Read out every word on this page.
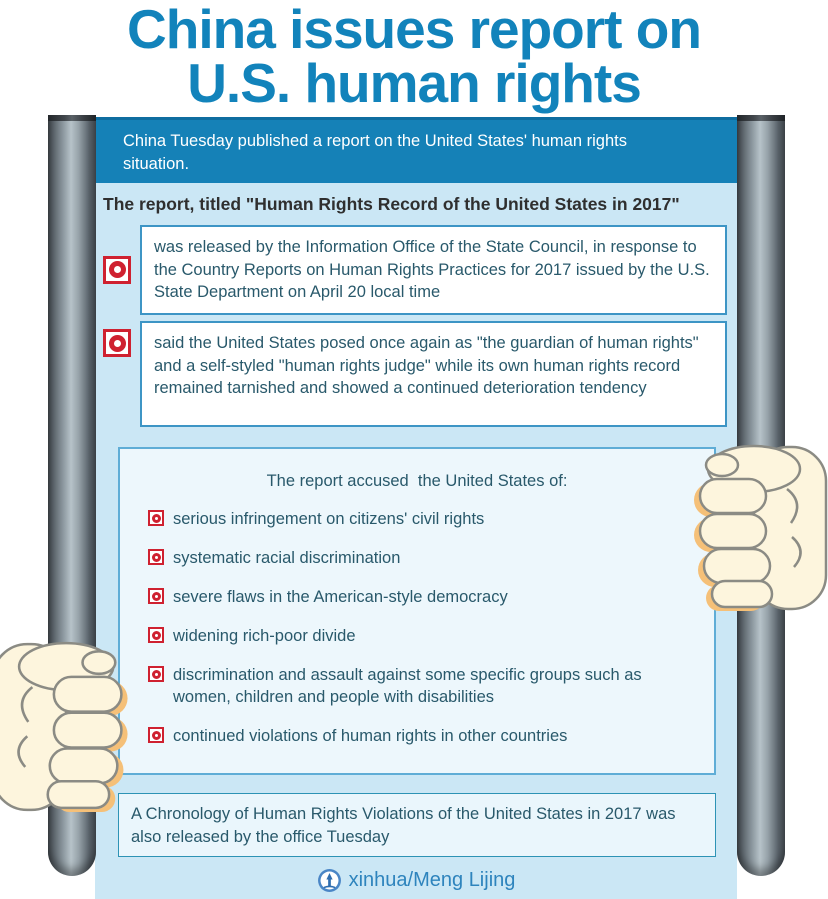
China issues report on
U.S. human rights
China Tuesday published a report on the United States' human rights situation.
The report, titled "Human Rights Record of the United States in 2017"
was released by the Information Office of the State Council, in response to the Country Reports on Human Rights Practices for 2017 issued by the U.S. State Department on April 20 local time
said the United States posed once again as "the guardian of human rights" and a self-styled "human rights judge" while its own human rights record remained tarnished and showed a continued deterioration tendency
The report accused  the United States of:
serious infringement on citizens' civil rights
systematic racial discrimination
severe flaws in the American-style democracy
widening rich-poor divide
discrimination and assault against some specific groups such as women, children and people with disabilities
continued violations of human rights in other countries
A Chronology of Human Rights Violations of the United States in 2017 was also released by the office Tuesday
xinhua/Meng Lijing
